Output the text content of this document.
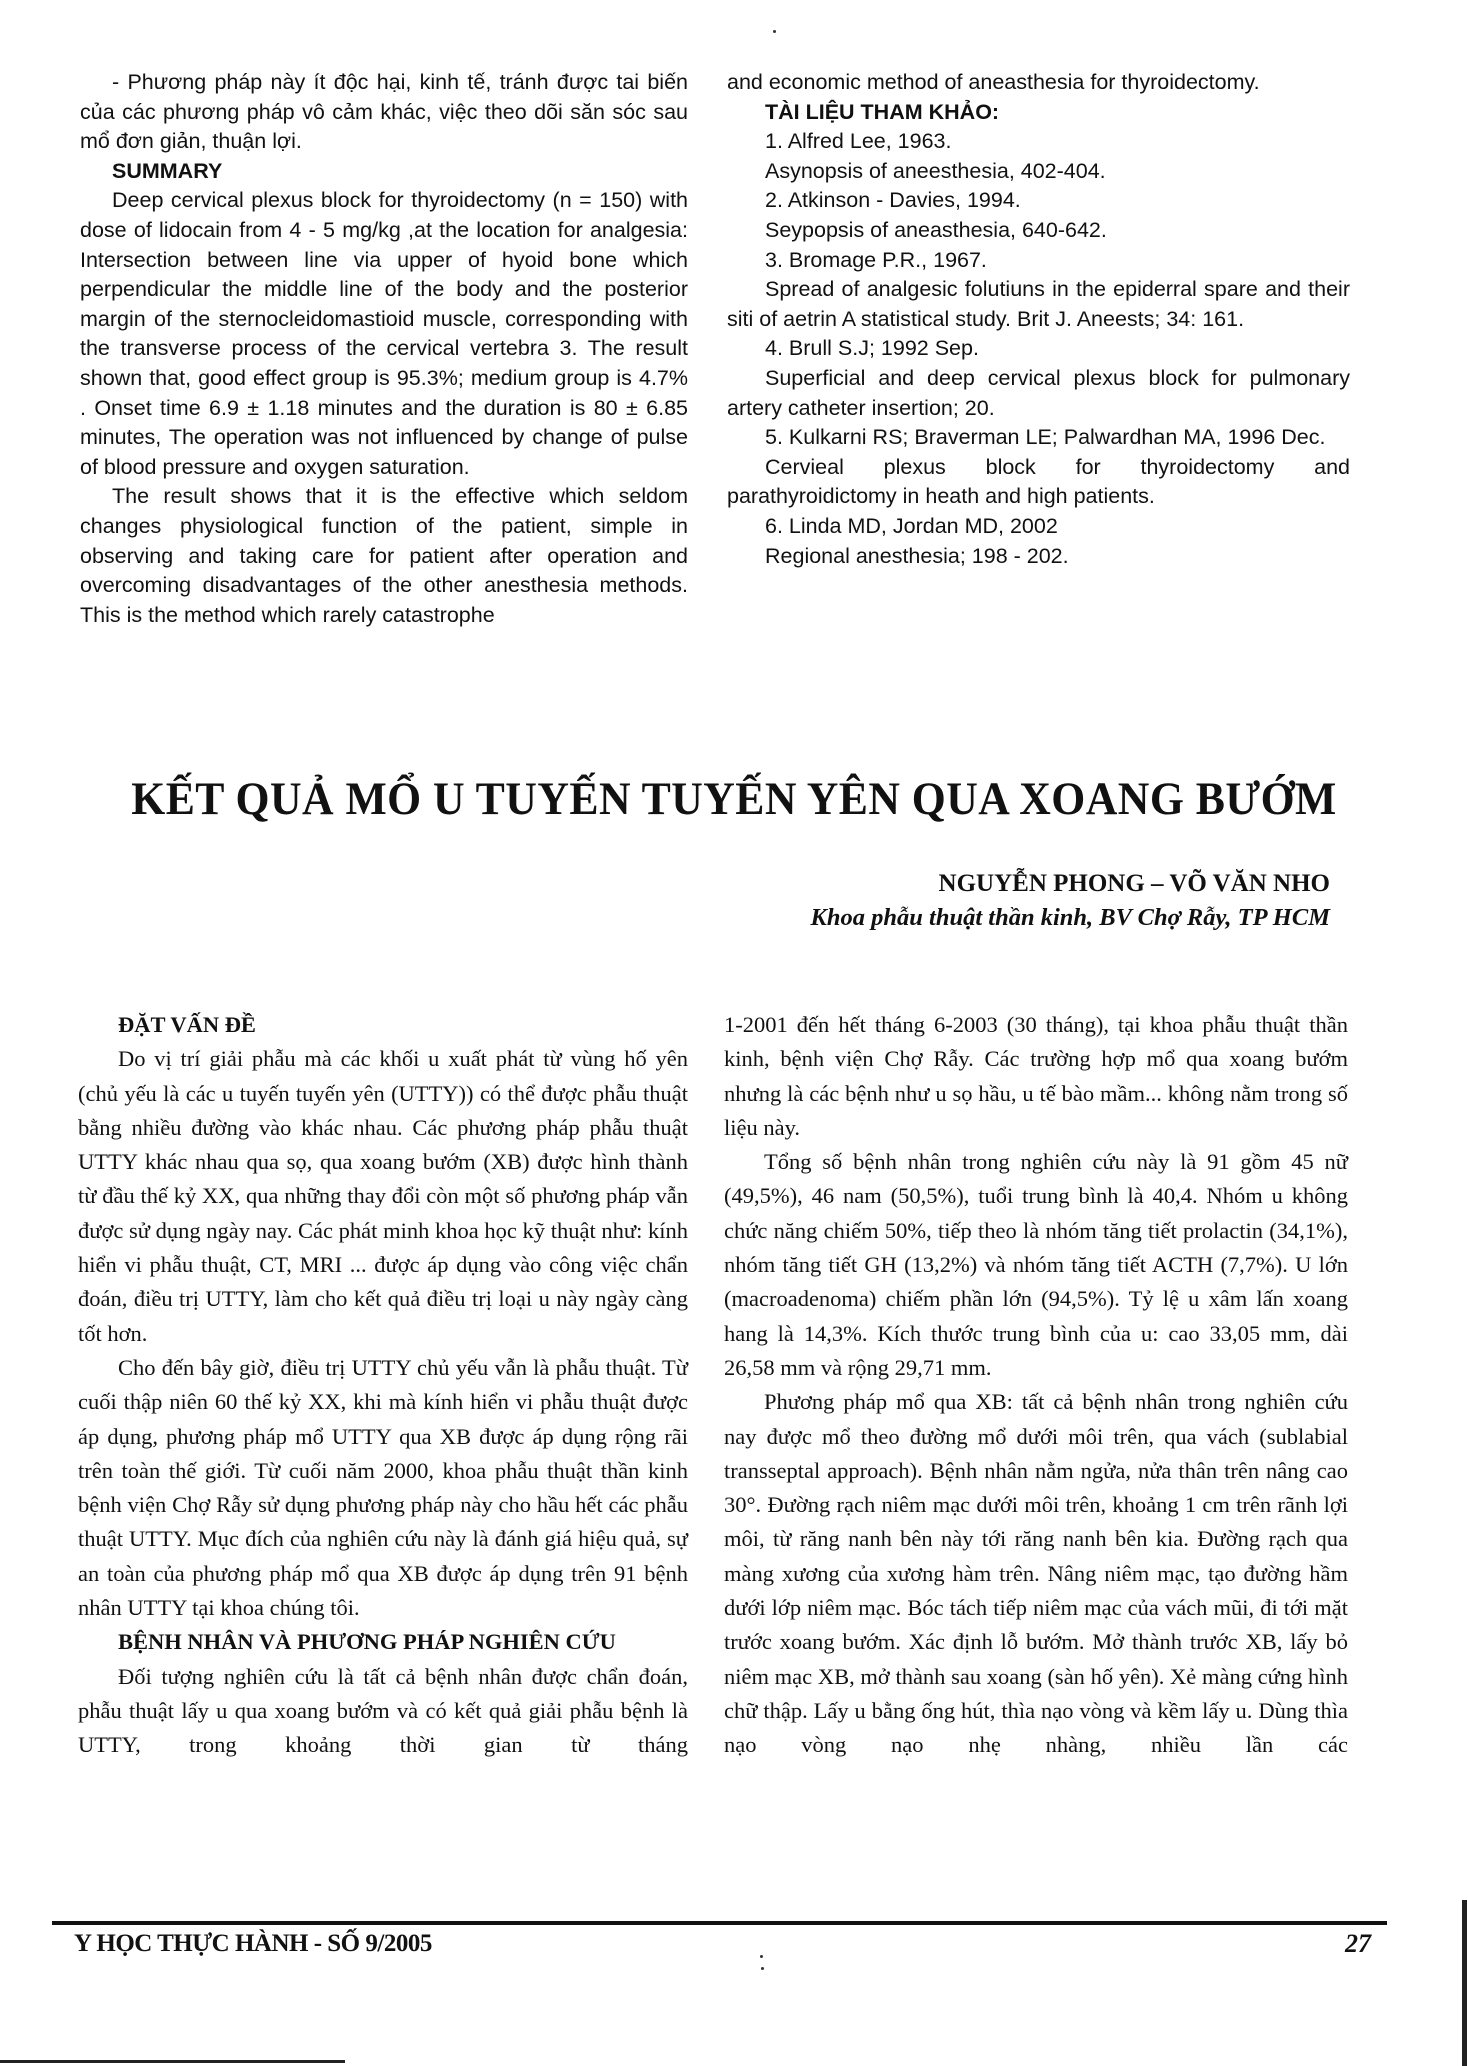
- Phương pháp này ít độc hại, kinh tế, tránh được tai biến của các phương pháp vô cảm khác, việc theo dõi săn sóc sau mổ đơn giản, thuận lợi.

SUMMARY

Deep cervical plexus block for thyroidectomy (n = 150) with dose of lidocain from 4 - 5 mg/kg ,at the location for analgesia: Intersection between line via upper of hyoid bone which perpendicular the middle line of the body and the posterior margin of the sternocleidomastioid muscle, corresponding with the transverse process of the cervical vertebra 3. The result shown that, good effect group is 95.3%; medium group is 4.7% . Onset time 6.9 ± 1.18 minutes and the duration is 80 ± 6.85 minutes, The operation was not influenced by change of pulse of blood pressure and oxygen saturation.

The result shows that it is the effective which seldom changes physiological function of the patient, simple in observing and taking care for patient after operation and overcoming disadvantages of the other anesthesia methods. This is the method which rarely catastrophe

and economic method of aneasthesia for thyroidectomy.

TÀI LIỆU THAM KHẢO:

1. Alfred Lee, 1963.

Asynopsis of aneesthesia, 402-404.

2. Atkinson - Davies, 1994.

Seypopsis of aneasthesia, 640-642.

3. Bromage P.R., 1967.

Spread of analgesic folutiuns in the epiderral spare and their siti of aetrin A statistical study. Brit J. Aneests; 34: 161.

4. Brull S.J; 1992 Sep.

Superficial and deep cervical plexus block for pulmonary artery catheter insertion; 20.

5. Kulkarni RS; Braverman LE; Palwardhan MA, 1996 Dec.

Cervieal plexus block for thyroidectomy and parathyroidictomy in heath and high patients.

6. Linda MD, Jordan MD, 2002

Regional anesthesia; 198 - 202.

KẾT QUẢ MỔ U TUYẾN TUYẾN YÊN QUA XOANG BƯỚM
NGUYỄN PHONG – VÕ VĂN NHO
Khoa phẫu thuật thần kinh, BV Chợ Rẫy, TP HCM

ĐẶT VẤN ĐỀ

Do vị trí giải phẫu mà các khối u xuất phát từ vùng hố yên (chủ yếu là các u tuyến tuyến yên (UTTY)) có thể được phẫu thuật bằng nhiều đường vào khác nhau. Các phương pháp phẫu thuật UTTY khác nhau qua sọ, qua xoang bướm (XB) được hình thành từ đầu thế kỷ XX, qua những thay đổi còn một số phương pháp vẫn được sử dụng ngày nay. Các phát minh khoa học kỹ thuật như: kính hiển vi phẫu thuật, CT, MRI ... được áp dụng vào công việc chẩn đoán, điều trị UTTY, làm cho kết quả điều trị loại u này ngày càng tốt hơn.

Cho đến bây giờ, điều trị UTTY chủ yếu vẫn là phẫu thuật. Từ cuối thập niên 60 thế kỷ XX, khi mà kính hiển vi phẫu thuật được áp dụng, phương pháp mổ UTTY qua XB được áp dụng rộng rãi trên toàn thế giới. Từ cuối năm 2000, khoa phẫu thuật thần kinh bệnh viện Chợ Rẫy sử dụng phương pháp này cho hầu hết các phẫu thuật UTTY. Mục đích của nghiên cứu này là đánh giá hiệu quả, sự an toàn của phương pháp mổ qua XB được áp dụng trên 91 bệnh nhân UTTY tại khoa chúng tôi.

BỆNH NHÂN VÀ PHƯƠNG PHÁP NGHIÊN CỨU

Đối tượng nghiên cứu là tất cả bệnh nhân được chẩn đoán, phẫu thuật lấy u qua xoang bướm và có kết quả giải phẫu bệnh là UTTY, trong khoảng thời gian từ tháng

1-2001 đến hết tháng 6-2003 (30 tháng), tại khoa phẫu thuật thần kinh, bệnh viện Chợ Rẫy. Các trường hợp mổ qua xoang bướm nhưng là các bệnh như u sọ hầu, u tế bào mầm... không nằm trong số liệu này.

Tổng số bệnh nhân trong nghiên cứu này là 91 gồm 45 nữ (49,5%), 46 nam (50,5%), tuổi trung bình là 40,4. Nhóm u không chức năng chiếm 50%, tiếp theo là nhóm tăng tiết prolactin (34,1%), nhóm tăng tiết GH (13,2%) và nhóm tăng tiết ACTH (7,7%). U lớn (macroadenoma) chiếm phần lớn (94,5%). Tỷ lệ u xâm lấn xoang hang là 14,3%. Kích thước trung bình của u: cao 33,05 mm, dài 26,58 mm và rộng 29,71 mm.

Phương pháp mổ qua XB: tất cả bệnh nhân trong nghiên cứu nay được mổ theo đường mổ dưới môi trên, qua vách (sublabial transseptal approach). Bệnh nhân nằm ngửa, nửa thân trên nâng cao 30°. Đường rạch niêm mạc dưới môi trên, khoảng 1 cm trên rãnh lợi môi, từ răng nanh bên này tới răng nanh bên kia. Đường rạch qua màng xương của xương hàm trên. Nâng niêm mạc, tạo đường hầm dưới lớp niêm mạc. Bóc tách tiếp niêm mạc của vách mũi, đi tới mặt trước xoang bướm. Xác định lỗ bướm. Mở thành trước XB, lấy bỏ niêm mạc XB, mở thành sau xoang (sàn hố yên). Xẻ màng cứng hình chữ thập. Lấy u bằng ống hút, thìa nạo vòng và kềm lấy u. Dùng thìa nạo vòng nạo nhẹ nhàng, nhiều lần các

Y HỌC THỰC HÀNH - SỐ 9/2005	27
